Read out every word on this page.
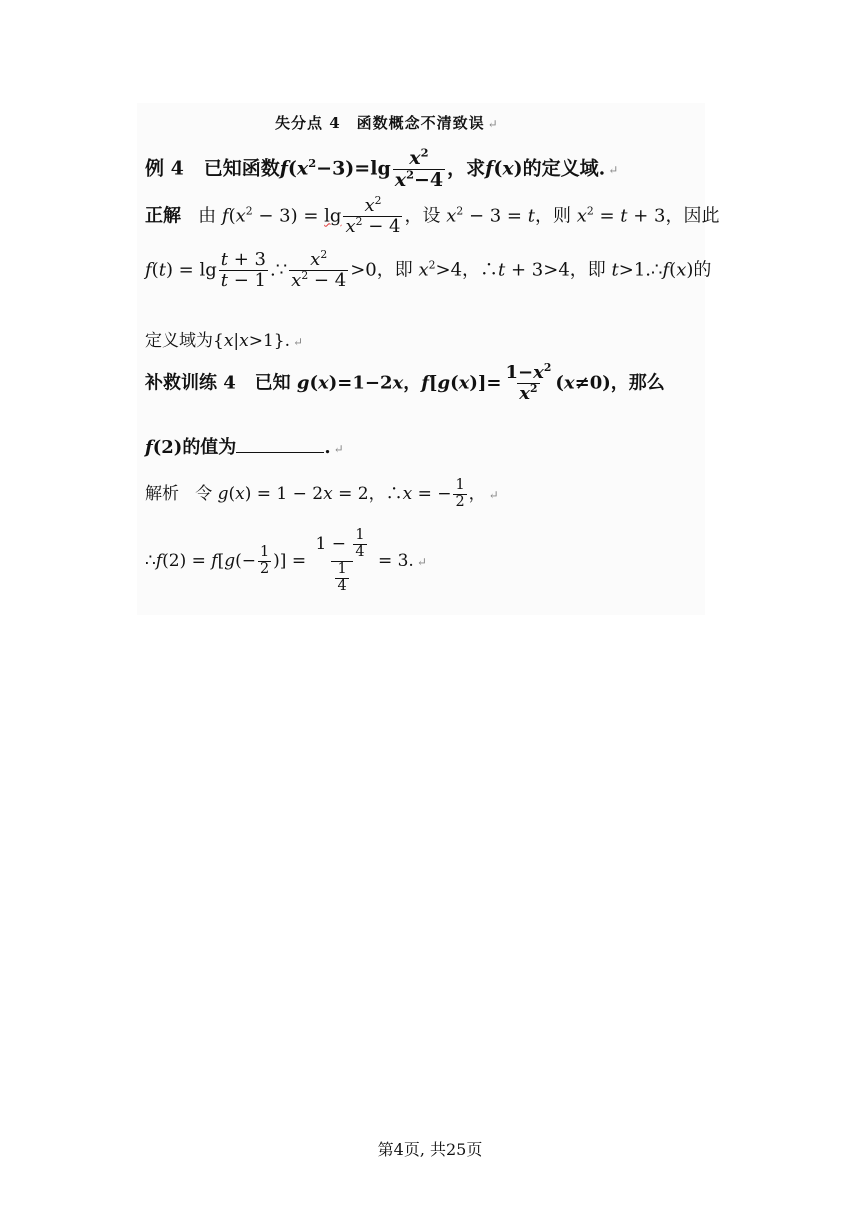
失分点 4　函数概念不清致误 ↵
例 4 已知函数$f(x^2-3)=\lg \frac{x^2}{x^2-4}$ ，求f(x)的定义域. ↵
正解 由 $f(x^2 - 3) = \lg \frac{x^2}{x^2 - 4}$ ，设 $x^2 - 3 = t$，则 $x^2 = t + 3$，因此
$f(t) = \lg \frac{t + 3}{t - 1}$ .∵ $\frac{x^2}{x^2 - 4} >0$，即 $x^2>4$，∴t + 3>4，即 t>1.∴f(x)的
定义域为{x|x>1}. ↵
补救训练 4 已知 g(x)=1−2x，$f[g(x)]= \frac{1-x^2}{x^2} (x\ne 0)$，那么
f(2)的值为	. ↵
解析 令 g(x) = 1 − 2x = 2，∴x = − $\frac{1}{2}$ ， ↵
∴f(2) = $f[g(- \frac{1}{2}$ )] = $\frac{1 - \frac{1}{4}}{\frac{1}{4}} = 3$. ↵
第4页, 共25页
